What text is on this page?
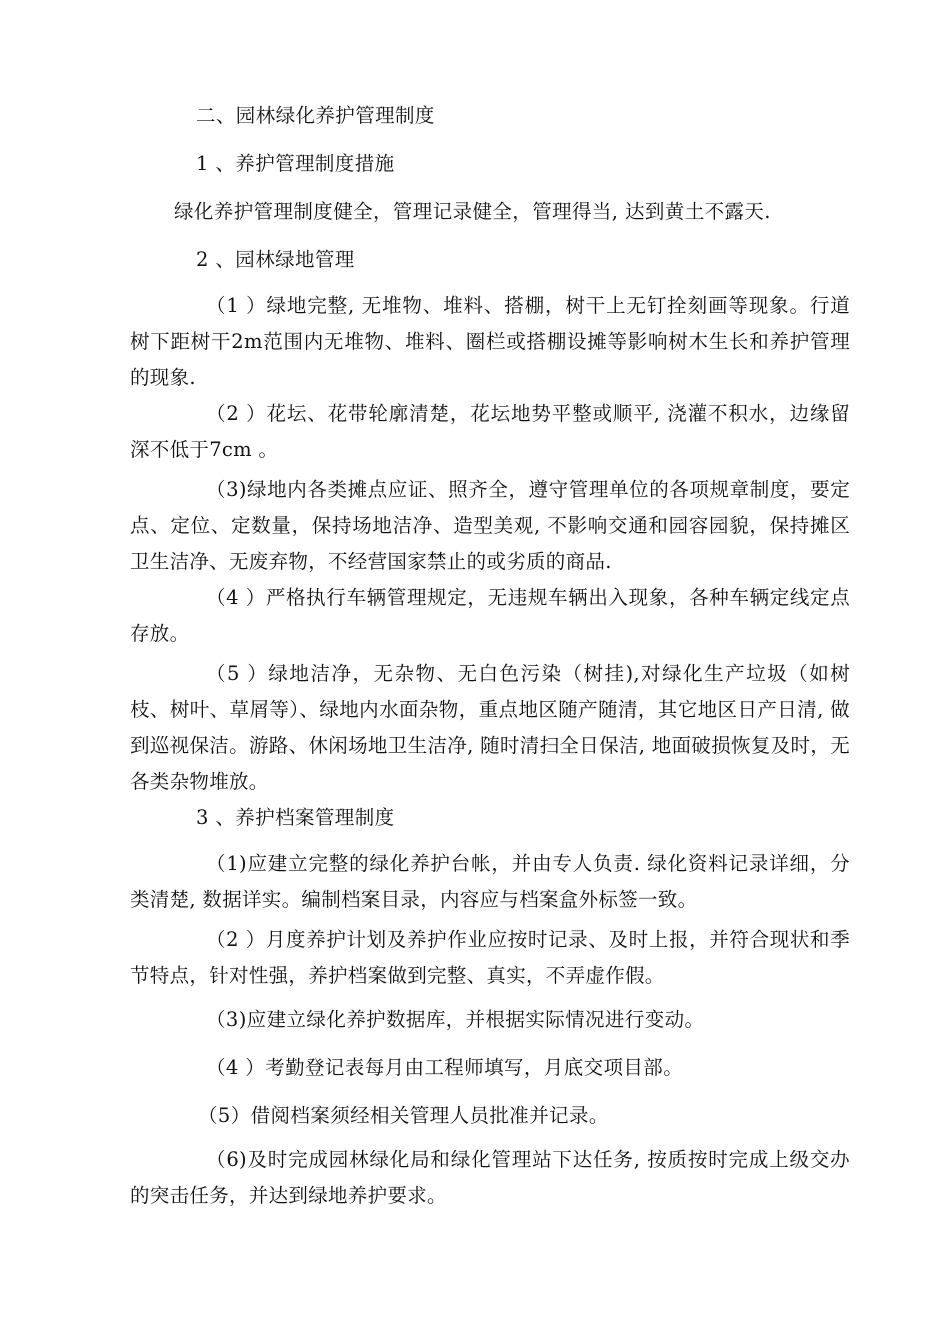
二、园林绿化养护管理制度
1 、养护管理制度措施
绿化养护管理制度健全，管理记录健全，管理得当, 达到黄土不露天.
2 、园林绿地管理
（1 ）绿地完整, 无堆物、堆料、搭棚，树干上无钉拴刻画等现象。行道树下距树干2m范围内无堆物、堆料、圈栏或搭棚设摊等影响树木生长和养护管理的现象.
（2 ）花坛、花带轮廓清楚，花坛地势平整或顺平, 浇灌不积水，边缘留深不低于7cm 。
（3)绿地内各类摊点应证、照齐全，遵守管理单位的各项规章制度，要定点、定位、定数量，保持场地洁净、造型美观, 不影响交通和园容园貌，保持摊区卫生洁净、无废弃物，不经营国家禁止的或劣质的商品.
（4 ）严格执行车辆管理规定，无违规车辆出入现象，各种车辆定线定点存放。
（5 ）绿地洁净，无杂物、无白色污染（树挂),对绿化生产垃圾（如树枝、树叶、草屑等）、绿地内水面杂物，重点地区随产随清，其它地区日产日清, 做到巡视保洁。游路、休闲场地卫生洁净, 随时清扫全日保洁, 地面破损恢复及时，无各类杂物堆放。
3 、养护档案管理制度
（1)应建立完整的绿化养护台帐，并由专人负责. 绿化资料记录详细，分类清楚, 数据详实。编制档案目录，内容应与档案盒外标签一致。
（2 ）月度养护计划及养护作业应按时记录、及时上报，并符合现状和季节特点，针对性强，养护档案做到完整、真实，不弄虚作假。
（3)应建立绿化养护数据库，并根据实际情况进行变动。
（4 ）考勤登记表每月由工程师填写，月底交项目部。
（5）借阅档案须经相关管理人员批准并记录。
（6)及时完成园林绿化局和绿化管理站下达任务, 按质按时完成上级交办的突击任务，并达到绿地养护要求。
